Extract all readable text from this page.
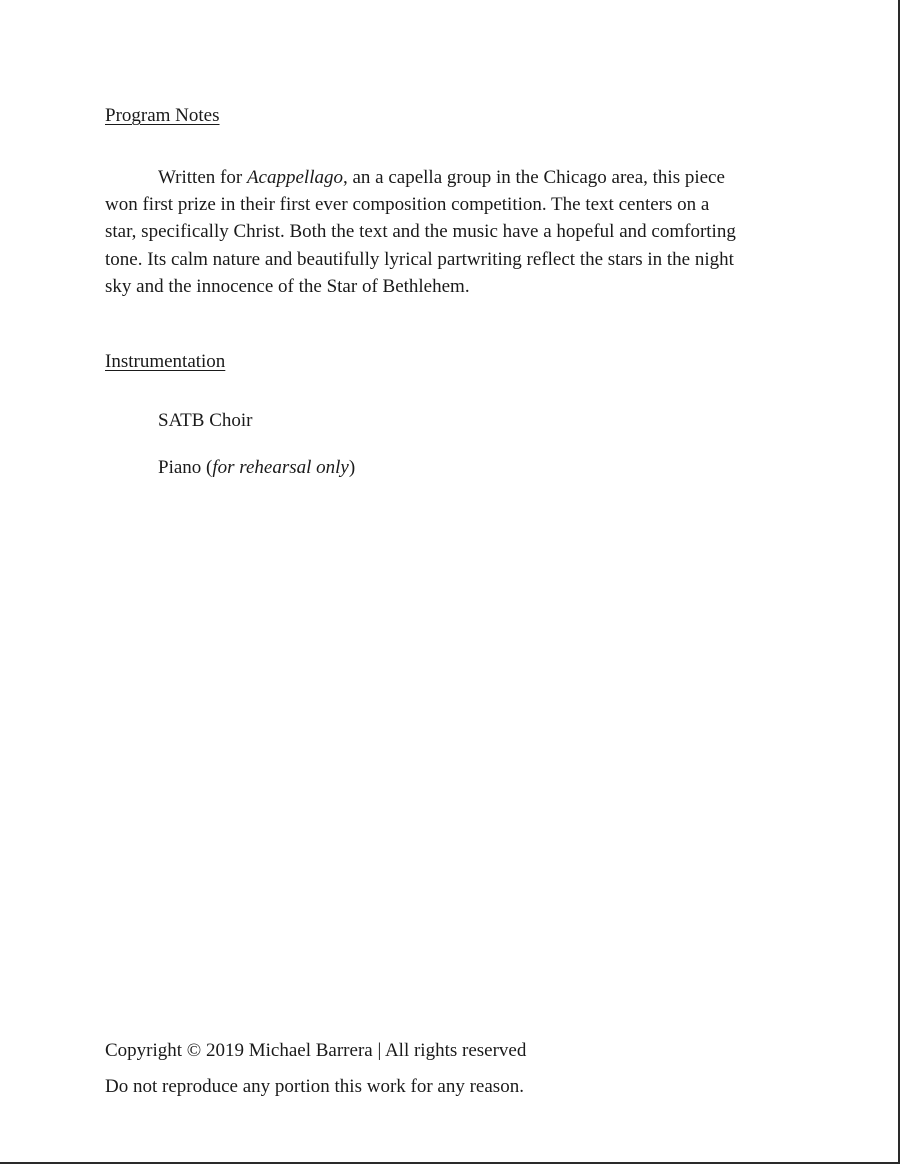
Program Notes

Written for Acappellago, an a capella group in the Chicago area, this piece
won first prize in their first ever composition competition. The text centers on a
star, specifically Christ. Both the text and the music have a hopeful and comforting
tone. Its calm nature and beautifully lyrical partwriting reflect the stars in the night
sky and the innocence of the Star of Bethlehem.

Instrumentation
SATB Choir
Piano (for rehearsal only)
Copyright © 2019 Michael Barrera | All rights reserved
Do not reproduce any portion this work for any reason.
